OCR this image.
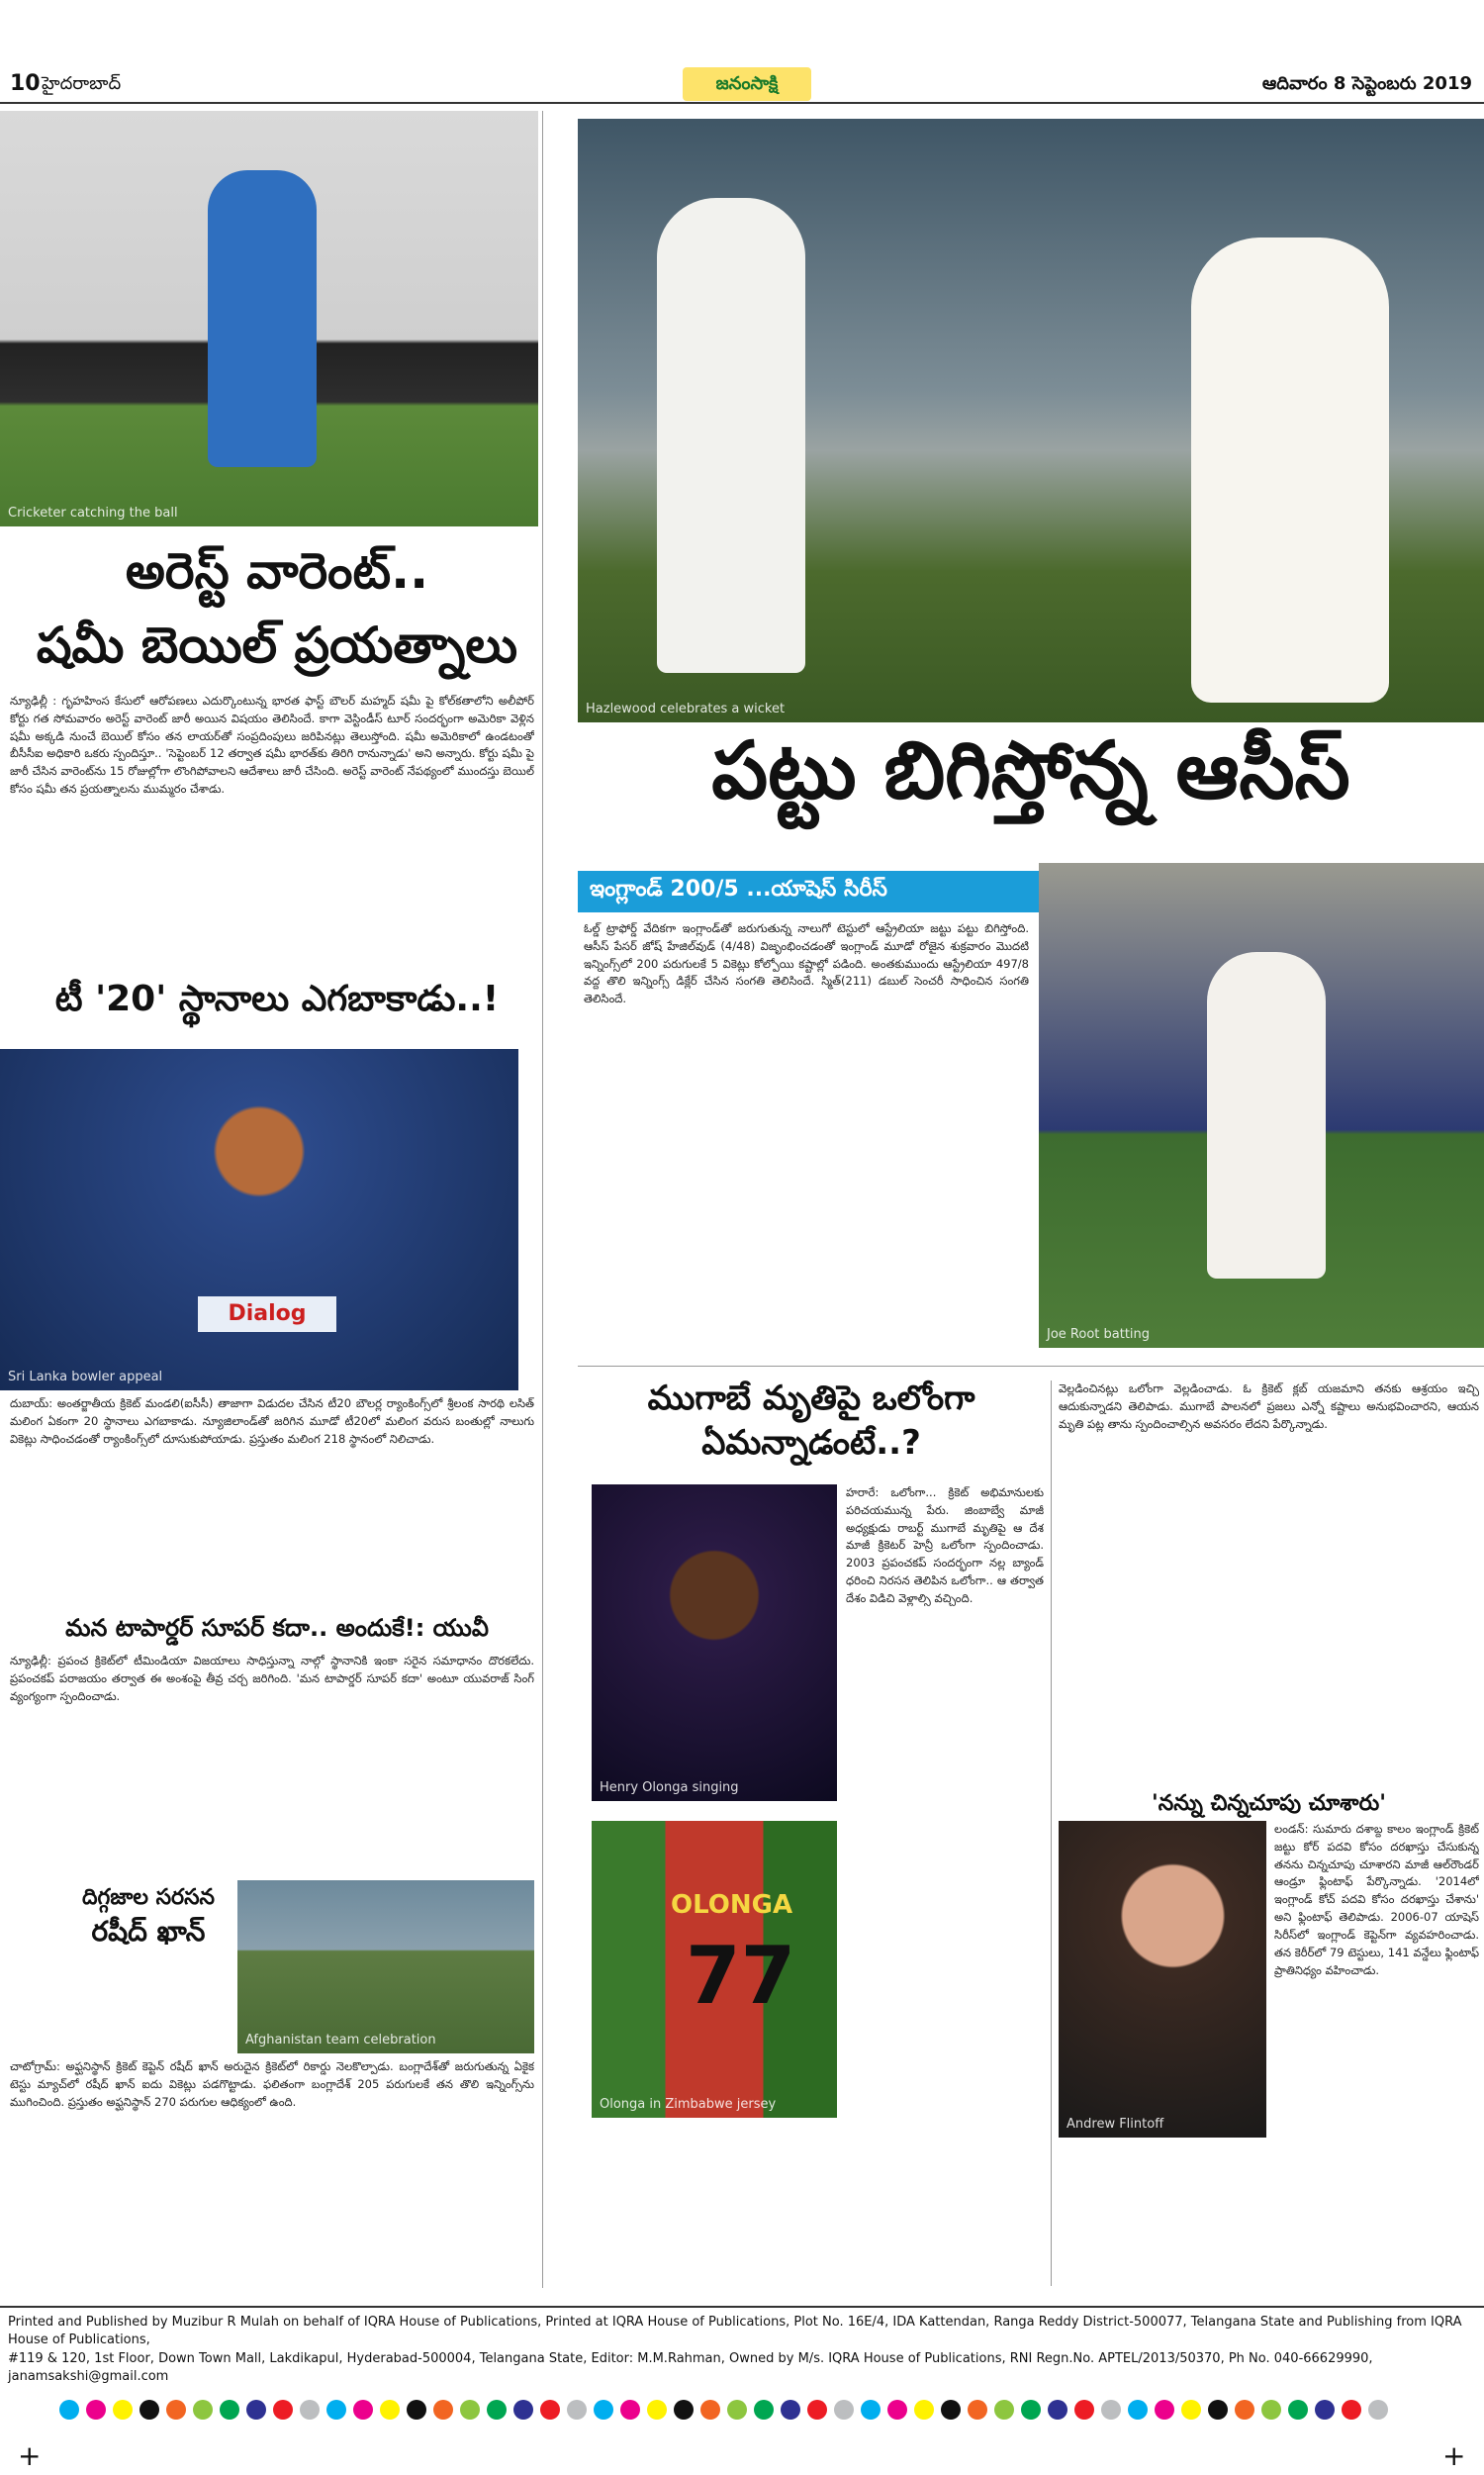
10 హైదరాబాద్	జనంసాక్షి	ఆదివారం 8 సెప్టెంబరు 2019
Cricketer catching the ball
అరెస్ట్ వారెంట్..
షమీ బెయిల్ ప్రయత్నాలు
న్యూఢిల్లీ : గృహహింస కేసులో ఆరోపణలు ఎదుర్కొంటున్న భారత ఫాస్ట్ బౌలర్ మహ్మద్ షమీ పై కోల్‌కతాలోని అలీపోర్ కోర్టు గత సోమవారం అరెస్ట్ వారెంట్ జారీ అయిన విషయం తెలిసిందే. కాగా వెస్టిండీస్ టూర్ సందర్భంగా అమెరికా వెళ్లిన షమీ అక్కడి నుంచే బెయిల్ కోసం తన లాయర్‌తో సంప్రదింపులు జరిపినట్లు తెలుస్తోంది. షమీ అమెరికాలో ఉండటంతో బీసీసీఐ అధికారి ఒకరు స్పందిస్తూ.. 'సెప్టెంబర్ 12 తర్వాత షమీ భారత్‌కు తిరిగి రానున్నాడు' అని అన్నారు. కోర్టు షమీ పై జారీ చేసిన వారెంట్‌ను 15 రోజుల్లోగా లొంగిపోవాలని ఆదేశాలు జారీ చేసింది. అరెస్ట్ వారెంట్ నేపథ్యంలో ముందస్తు బెయిల్ కోసం షమీ తన ప్రయత్నాలను ముమ్మరం చేశాడు.
టీ '20' స్థానాలు ఎగబాకాడు..!
Dialog
Sri Lanka bowler appeal
దుబాయ్: అంతర్జాతీయ క్రికెట్ మండలి(ఐసీసీ) తాజాగా విడుదల చేసిన టీ20 బౌలర్ల ర్యాంకింగ్స్‌లో శ్రీలంక సారథి లసిత్ మలింగ ఏకంగా 20 స్థానాలు ఎగబాకాడు. న్యూజిలాండ్‌తో జరిగిన మూడో టీ20లో మలింగ వరుస బంతుల్లో నాలుగు వికెట్లు సాధించడంతో ర్యాంకింగ్స్‌లో దూసుకుపోయాడు. ప్రస్తుతం మలింగ 218 స్థానంలో నిలిచాడు.
మన టాపార్డర్ సూపర్ కదా.. అందుకే!: యువీ
న్యూఢిల్లీ: ప్రపంచ క్రికెట్‌లో టీమిండియా విజయాలు సాధిస్తున్నా నాల్గో స్థానానికి ఇంకా సరైన సమాధానం దొరకలేదు. ప్రపంచకప్ పరాజయం తర్వాత ఈ అంశంపై తీవ్ర చర్చ జరిగింది. 'మన టాపార్డర్ సూపర్ కదా' అంటూ యువరాజ్ సింగ్ వ్యంగ్యంగా స్పందించాడు.
దిగ్గజాల సరసన
రషీద్ ఖాన్
Afghanistan team celebration
చాటోగ్రామ్: అఫ్ఘనిస్థాన్ క్రికెట్ కెప్టెన్ రషీద్ ఖాన్ అరుదైన క్రికెట్‌లో రికార్డు నెలకొల్పాడు. బంగ్లాదేశ్‌తో జరుగుతున్న ఏకైక టెస్టు మ్యాచ్‌లో రషీద్ ఖాన్ ఐదు వికెట్లు పడగొట్టాడు. ఫలితంగా బంగ్లాదేశ్ 205 పరుగులకే తన తొలి ఇన్నింగ్స్‌ను ముగించింది. ప్రస్తుతం అఫ్ఘనిస్థాన్ 270 పరుగుల ఆధిక్యంలో ఉంది.
Hazlewood celebrates a wicket
పట్టు బిగిస్తోన్న ఆసీస్
ఇంగ్లాండ్ 200/5 ...యాషెస్ సిరీస్
ఓల్డ్ ట్రాఫోర్డ్ వేదికగా ఇంగ్లాండ్‌తో జరుగుతున్న నాలుగో టెస్టులో ఆస్ట్రేలియా జట్టు పట్టు బిగిస్తోంది. ఆసీస్ పేసర్ జోష్ హేజిల్‌వుడ్ (4/48) విజృంభించడంతో ఇంగ్లాండ్ మూడో రోజైన శుక్రవారం మొదటి ఇన్నింగ్స్‌లో 200 పరుగులకే 5 వికెట్లు కోల్పోయి కష్టాల్లో పడింది. అంతకుముందు ఆస్ట్రేలియా 497/8 వద్ద తొలి ఇన్నింగ్స్ డిక్లేర్ చేసిన సంగతి తెలిసిందే. స్మిత్(211) డబుల్ సెంచరీ సాధించిన సంగతి తెలిసిందే.
Joe Root batting
ముగాబే మృతిపై ఒలోంగా
ఏమన్నాడంటే..?
Henry Olonga singing
OLONGA
77
Olonga in Zimbabwe jersey
హరారే: ఒలోంగా... క్రికెట్ అభిమానులకు పరిచయమున్న పేరు. జింబాబ్వే మాజీ అధ్యక్షుడు రాబర్ట్ ముగాబే మృతిపై ఆ దేశ మాజీ క్రికెటర్ హెన్రీ ఒలోంగా స్పందించాడు. 2003 ప్రపంచకప్ సందర్భంగా నల్ల బ్యాండ్ ధరించి నిరసన తెలిపిన ఒలోంగా.. ఆ తర్వాత దేశం విడిచి వెళ్లాల్సి వచ్చింది.
వెల్లడించినట్లు ఒలోంగా వెల్లడించాడు. ఓ క్రికెట్ క్లబ్ యజమాని తనకు ఆశ్రయం ఇచ్చి ఆదుకున్నాడని తెలిపాడు. ముగాబే పాలనలో ప్రజలు ఎన్నో కష్టాలు అనుభవించారని, ఆయన మృతి పట్ల తాను స్పందించాల్సిన అవసరం లేదని పేర్కొన్నాడు.
'నన్ను చిన్నచూపు చూశారు'
Andrew Flintoff
లండన్: సుమారు దశాబ్ద కాలం ఇంగ్లాండ్ క్రికెట్ జట్టు కోర్ పదవి కోసం దరఖాస్తు చేసుకున్న తనను చిన్నచూపు చూశారని మాజీ ఆల్‌రౌండర్ ఆండ్రూ ఫ్లింటాఫ్ పేర్కొన్నాడు. '2014లో ఇంగ్లాండ్ కోచ్ పదవి కోసం దరఖాస్తు చేశాను' అని ఫ్లింటాఫ్ తెలిపాడు. 2006-07 యాషెస్ సిరీస్‌లో ఇంగ్లాండ్ కెప్టెన్‌గా వ్యవహరించాడు. తన కెరీర్‌లో 79 టెస్టులు, 141 వన్డేలు ఫ్లింటాఫ్ ప్రాతినిధ్యం వహించాడు.
Printed and Published by Muzibur R Mulah on behalf of IQRA House of Publications, Printed at IQRA House of Publications, Plot No. 16E/4, IDA Kattendan, Ranga Reddy District-500077, Telangana State and Publishing from IQRA House of Publications,
#119 & 120, 1st Floor, Down Town Mall, Lakdikapul, Hyderabad-500004, Telangana State, Editor: M.M.Rahman, Owned by M/s. IQRA House of Publications, RNI Regn.No. APTEL/2013/50370, Ph No. 040-66629990, janamsakshi@gmail.com
+	+
